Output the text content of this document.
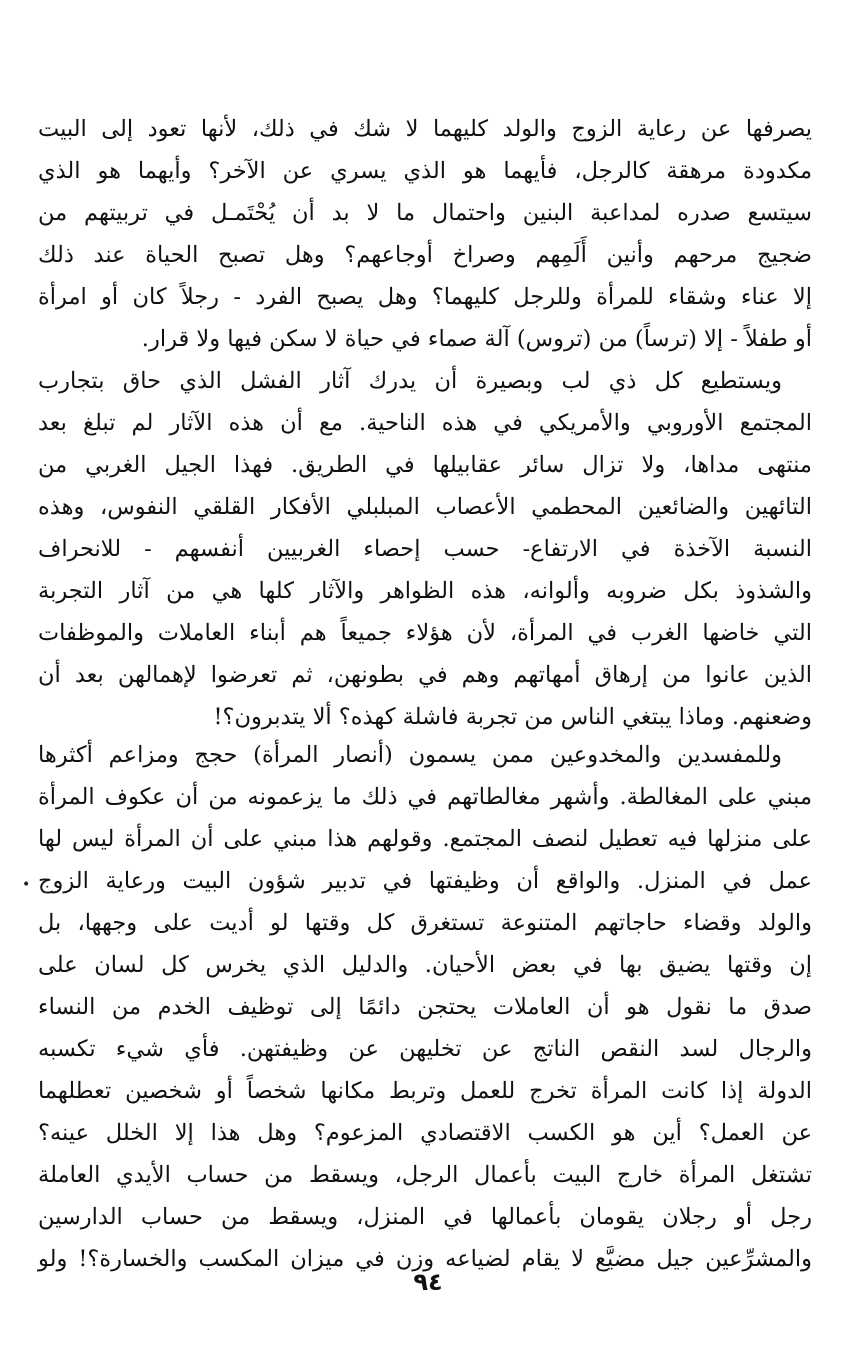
يصرفها عن رعاية الزوج والولد كليهما لا شك في ذلك، لأنها تعود إلى البيت
مكدودة مرهقة كالرجل، فأيهما هو الذي يسري عن الآخر؟ وأيهما هو الذي
سيتسع صدره لمداعبة البنين واحتمال ما لا بد أن يُحْتَمـل في تربيتهم من
ضجيج مرحهم وأنين أَلَمِهم وصراخ أوجاعهم؟ وهل تصبح الحياة عند ذلك
إلا عناء وشقاء للمرأة وللرجل كليهما؟ وهل يصبح الفرد - رجلاً كان أو امرأة
أو طفلاً - إلا (ترساً) من (تروس) آلة صماء في حياة لا سكن فيها ولا قرار.
ويستطيع كل ذي لب وبصيرة أن يدرك آثار الفشل الذي حاق بتجارب
المجتمع الأوروبي والأمريكي في هذه الناحية. مع أن هذه الآثار لم تبلغ بعد
منتهى مداها، ولا تزال سائر عقابيلها في الطريق. فهذا الجيل الغربي من
التائهين والضائعين المحطمي الأعصاب المبلبلي الأفكار القلقي النفوس، وهذه
النسبة الآخذة في الارتفاع- حسب إحصاء الغربيين أنفسهم - للانحراف
والشذوذ بكل ضروبه وألوانه، هذه الظواهر والآثار كلها هي من آثار التجربة
التي خاضها الغرب في المرأة، لأن هؤلاء جميعاً هم أبناء العاملات والموظفات
الذين عانوا من إرهاق أمهاتهم وهم في بطونهن، ثم تعرضوا لإهمالهن بعد أن
وضعنهم. وماذا يبتغي الناس من تجربة فاشلة كهذه؟ ألا يتدبرون؟!
وللمفسدين والمخدوعين ممن يسمون (أنصار المرأة) حجج ومزاعم أكثرها
مبني على المغالطة. وأشهر مغالطاتهم في ذلك ما يزعمونه من أن عكوف المرأة
على منزلها فيه تعطيل لنصف المجتمع. وقولهم هذا مبني على أن المرأة ليس لها
عمل في المنزل. والواقع أن وظيفتها في تدبير شؤون البيت ورعاية الزوج
والولد وقضاء حاجاتهم المتنوعة تستغرق كل وقتها لو أديت على وجهها، بل
إن وقتها يضيق بها في بعض الأحيان. والدليل الذي يخرس كل لسان على
صدق ما نقول هو أن العاملات يحتجن دائمًا إلى توظيف الخدم من النساء
والرجال لسد النقص الناتج عن تخليهن عن وظيفتهن. فأي شيء تكسبه
الدولة إذا كانت المرأة تخرج للعمل وتربط مكانها شخصاً أو شخصين تعطلهما
عن العمل؟ أين هو الكسب الاقتصادي المزعوم؟ وهل هذا إلا الخلل عينه؟
تشتغل المرأة خارج البيت بأعمال الرجل، ويسقط من حساب الأيدي العاملة
رجل أو رجلان يقومان بأعمالها في المنزل، ويسقط من حساب الدارسين
والمشرِّعين جيل مضيَّع لا يقام لضياعه وزن في ميزان المكسب والخسارة؟! ولو
•
٩٤
